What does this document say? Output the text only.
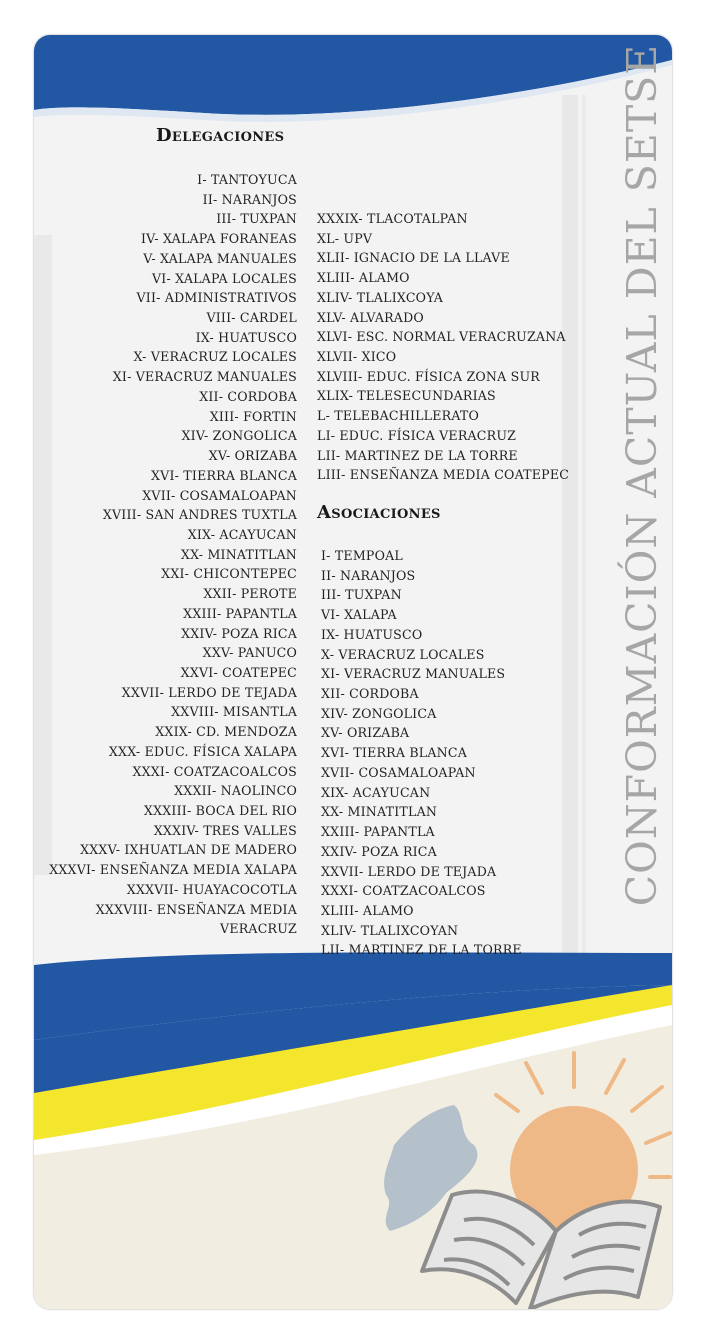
Delegaciones
I- TANTOYUCA
II- NARANJOS
III- TUXPAN
IV- XALAPA FORANEAS
V- XALAPA MANUALES
VI- XALAPA LOCALES
VII- ADMINISTRATIVOS
VIII- CARDEL
IX- HUATUSCO
X- VERACRUZ LOCALES
XI- VERACRUZ MANUALES
XII- CORDOBA
XIII- FORTIN
XIV- ZONGOLICA
XV- ORIZABA
XVI- TIERRA BLANCA
XVII- COSAMALOAPAN
XVIII- SAN ANDRES TUXTLA
XIX- ACAYUCAN
XX- MINATITLAN
XXI- CHICONTEPEC
XXII- PEROTE
XXIII- PAPANTLA
XXIV- POZA RICA
XXV- PANUCO
XXVI- COATEPEC
XXVII- LERDO DE TEJADA
XXVIII- MISANTLA
XXIX- CD. MENDOZA
XXX- EDUC. FÍSICA XALAPA
XXXI- COATZACOALCOS
XXXII- NAOLINCO
XXXIII- BOCA DEL RIO
XXXIV- TRES VALLES
XXXV- IXHUATLAN DE MADERO
XXXVI- ENSEÑANZA MEDIA XALAPA
XXXVII- HUAYACOCOTLA
XXXVIII- ENSEÑANZA MEDIA
VERACRUZ
XXXIX- TLACOTALPAN
XL- UPV
XLII- IGNACIO DE LA LLAVE
XLIII- ALAMO
XLIV- TLALIXCOYA
XLV- ALVARADO
XLVI- ESC. NORMAL VERACRUZANA
XLVII- XICO
XLVIII- EDUC. FÍSICA ZONA SUR
XLIX- TELESECUNDARIAS
L- TELEBACHILLERATO
LI- EDUC. FÍSICA VERACRUZ
LII- MARTINEZ DE LA TORRE
LIII- ENSEÑANZA MEDIA COATEPEC
Asociaciones
I- TEMPOAL
II- NARANJOS
III- TUXPAN
VI- XALAPA
IX- HUATUSCO
X- VERACRUZ LOCALES
XI- VERACRUZ MANUALES
XII- CORDOBA
XIV- ZONGOLICA
XV- ORIZABA
XVI- TIERRA BLANCA
XVII- COSAMALOAPAN
XIX- ACAYUCAN
XX- MINATITLAN
XXIII- PAPANTLA
XXIV- POZA RICA
XXVII- LERDO DE TEJADA
XXXI- COATZACOALCOS
XLIII- ALAMO
XLIV- TLALIXCOYAN
LII- MARTINEZ DE LA TORRE
CONFORMACIÓN ACTUAL DEL SETSE
